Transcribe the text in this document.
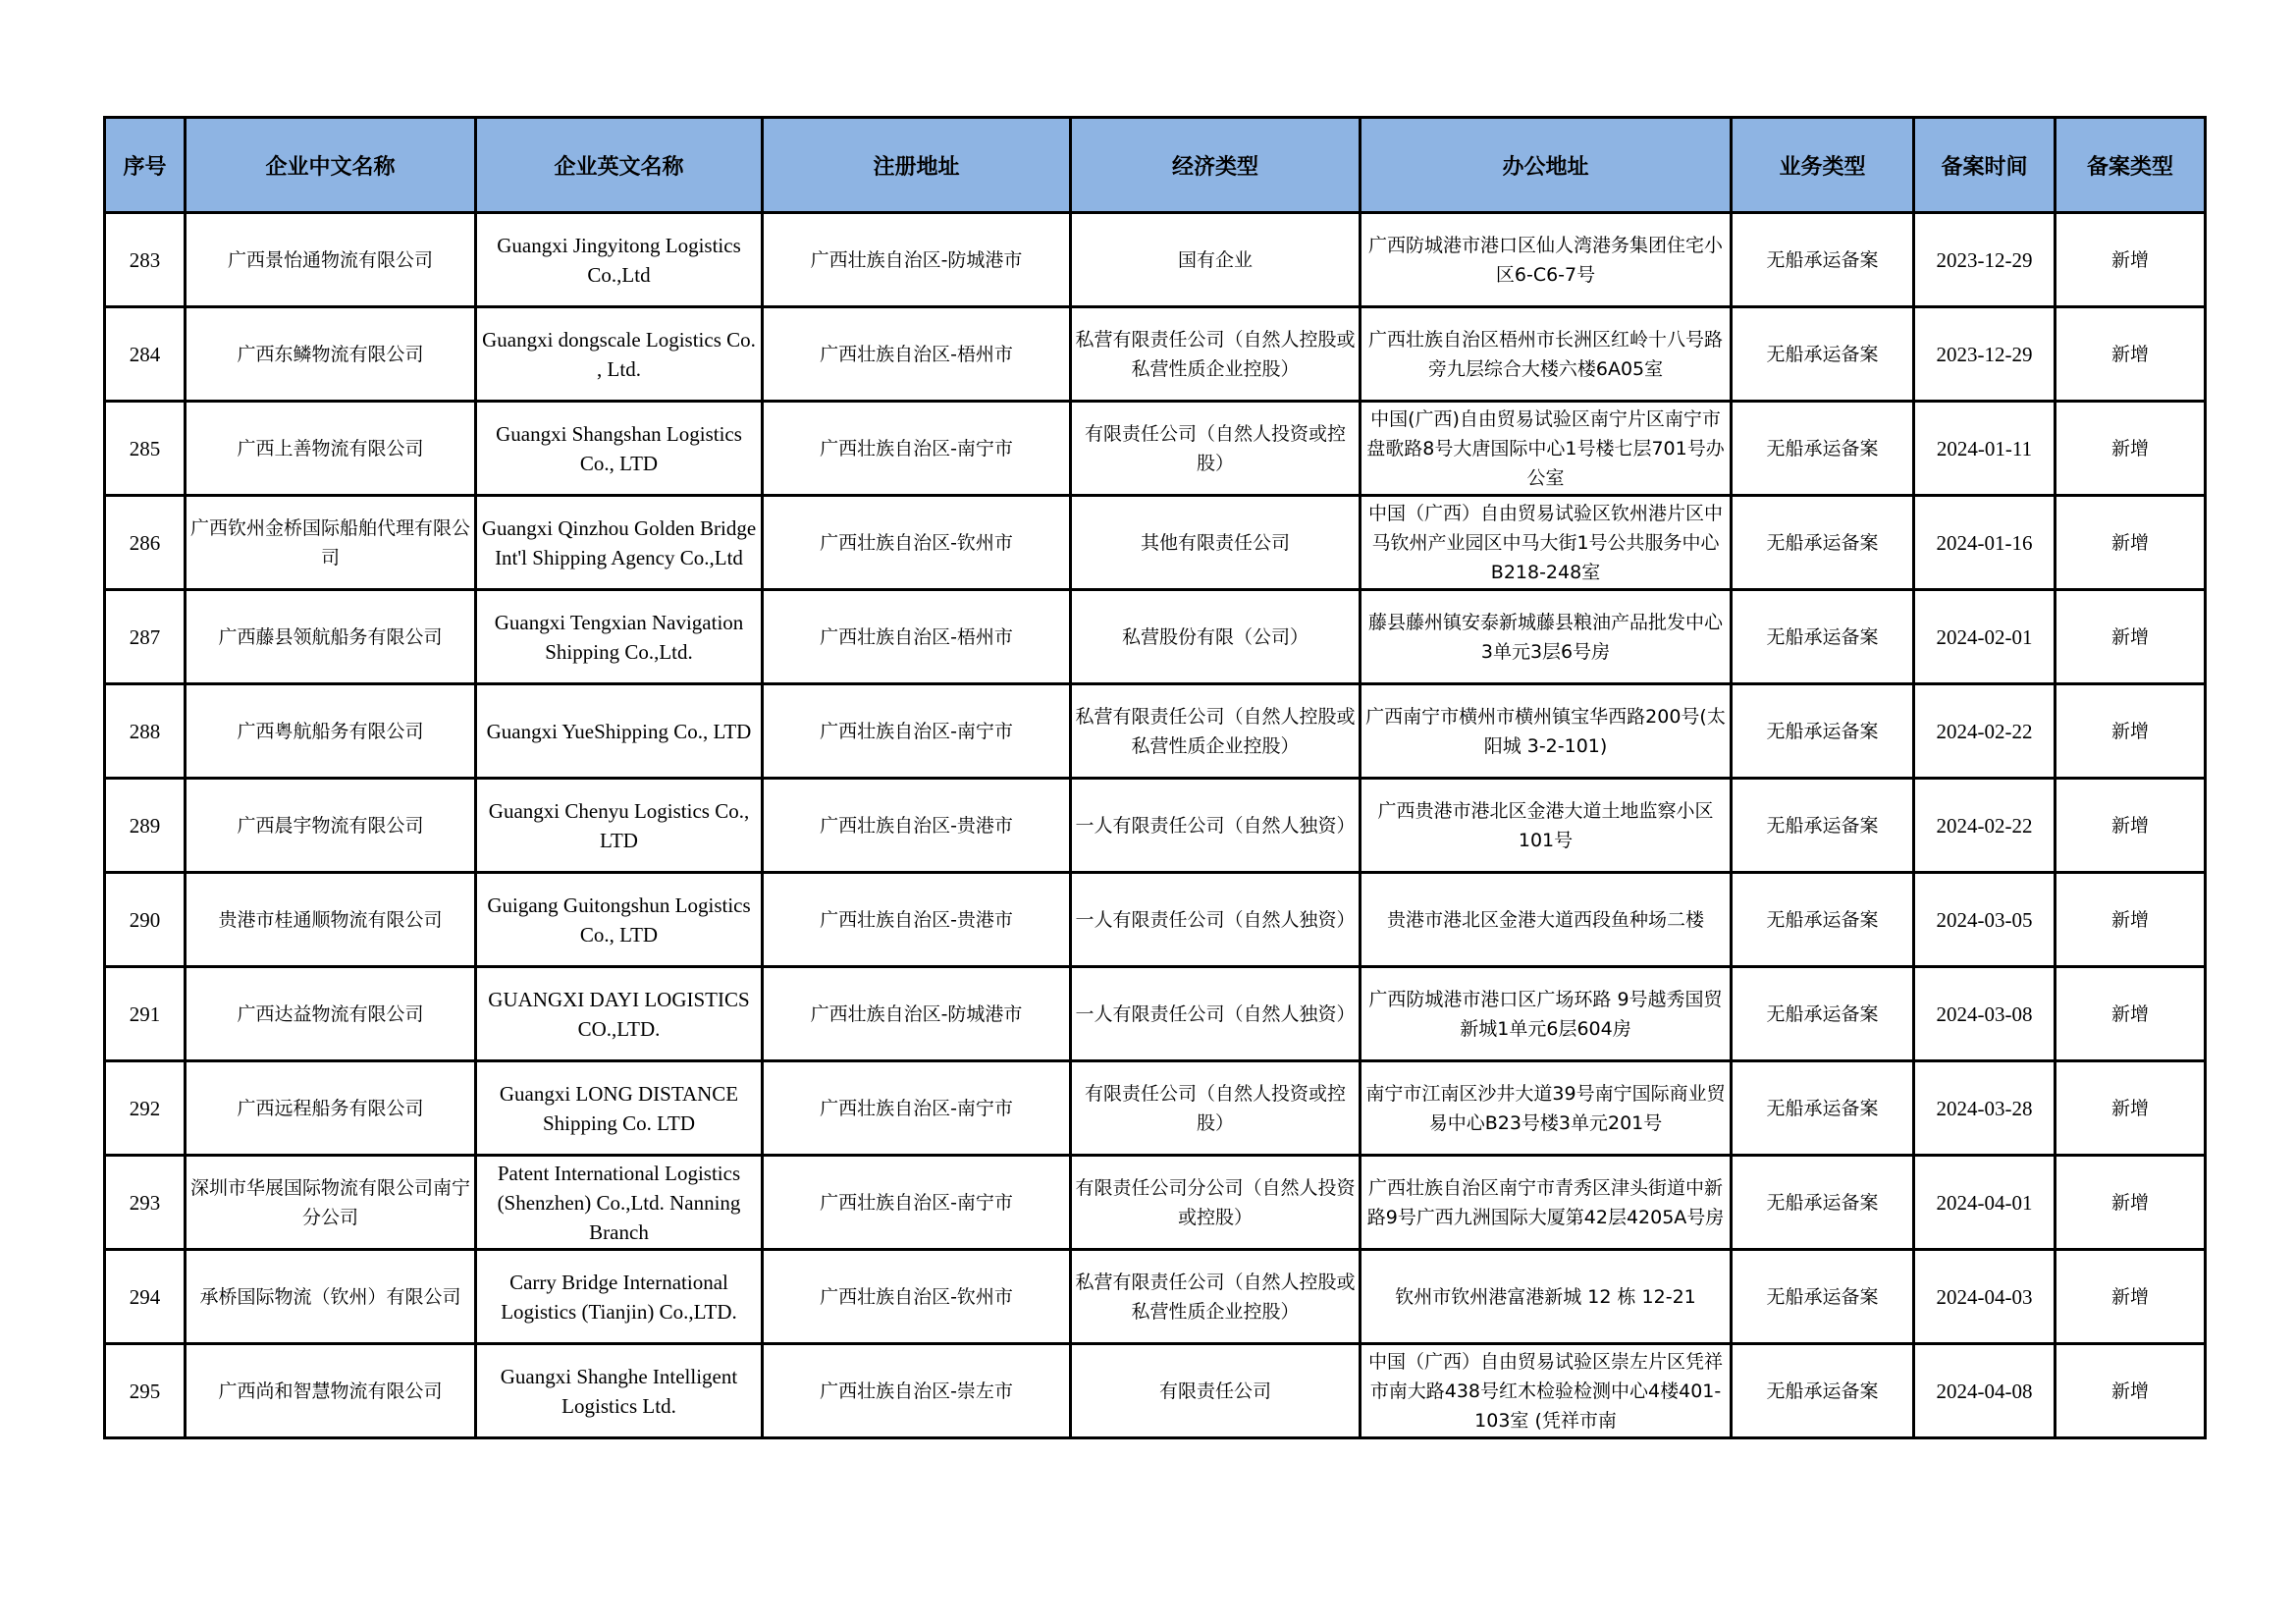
序号	企业中文名称	企业英文名称	注册地址	经济类型	办公地址	业务类型	备案时间	备案类型

283	广西景怡通物流有限公司	Guangxi Jingyitong Logistics Co.,Ltd	广西壮族自治区-防城港市	国有企业	广西防城港市港口区仙人湾港务集团住宅小区6-C6-7号	无船承运备案	2023-12-29	新增

284	广西东鳞物流有限公司	Guangxi dongscale Logistics Co. , Ltd.	广西壮族自治区-梧州市	私营有限责任公司（自然人控股或私营性质企业控股）	广西壮族自治区梧州市长洲区红岭十八号路旁九层综合大楼六楼6A05室	无船承运备案	2023-12-29	新增

285	广西上善物流有限公司	Guangxi Shangshan Logistics Co., LTD	广西壮族自治区-南宁市	有限责任公司（自然人投资或控股）	中国(广西)自由贸易试验区南宁片区南宁市盘歌路8号大唐国际中心1号楼七层701号办公室	无船承运备案	2024-01-11	新增

286	广西钦州金桥国际船舶代理有限公司	Guangxi Qinzhou Golden Bridge Int'l Shipping Agency Co.,Ltd	广西壮族自治区-钦州市	其他有限责任公司	中国（广西）自由贸易试验区钦州港片区中马钦州产业园区中马大街1号公共服务中心B218-248室	无船承运备案	2024-01-16	新增

287	广西藤县领航船务有限公司	Guangxi Tengxian Navigation Shipping Co.,Ltd.	广西壮族自治区-梧州市	私营股份有限（公司）	藤县藤州镇安泰新城藤县粮油产品批发中心3单元3层6号房	无船承运备案	2024-02-01	新增

288	广西粤航船务有限公司	Guangxi YueShipping Co., LTD	广西壮族自治区-南宁市	私营有限责任公司（自然人控股或私营性质企业控股）	广西南宁市横州市横州镇宝华西路200号(太阳城 3-2-101)	无船承运备案	2024-02-22	新增

289	广西晨宇物流有限公司	Guangxi Chenyu Logistics Co., LTD	广西壮族自治区-贵港市	一人有限责任公司（自然人独资）	广西贵港市港北区金港大道土地监察小区101号	无船承运备案	2024-02-22	新增

290	贵港市桂通顺物流有限公司	Guigang Guitongshun Logistics Co., LTD	广西壮族自治区-贵港市	一人有限责任公司（自然人独资）	贵港市港北区金港大道西段鱼种场二楼	无船承运备案	2024-03-05	新增

291	广西达益物流有限公司	GUANGXI DAYI LOGISTICS CO.,LTD.	广西壮族自治区-防城港市	一人有限责任公司（自然人独资）	广西防城港市港口区广场环路 9号越秀国贸新城1单元6层604房	无船承运备案	2024-03-08	新增

292	广西远程船务有限公司	Guangxi LONG DISTANCE Shipping Co. LTD	广西壮族自治区-南宁市	有限责任公司（自然人投资或控股）	南宁市江南区沙井大道39号南宁国际商业贸易中心B23号楼3单元201号	无船承运备案	2024-03-28	新增

293	深圳市华展国际物流有限公司南宁分公司	Patent International Logistics (Shenzhen) Co.,Ltd. Nanning Branch	广西壮族自治区-南宁市	有限责任公司分公司（自然人投资或控股）	广西壮族自治区南宁市青秀区津头街道中新路9号广西九洲国际大厦第42层4205A号房	无船承运备案	2024-04-01	新增

294	承桥国际物流（钦州）有限公司	Carry Bridge International Logistics (Tianjin) Co.,LTD.	广西壮族自治区-钦州市	私营有限责任公司（自然人控股或私营性质企业控股）	钦州市钦州港富港新城 12 栋 12-21	无船承运备案	2024-04-03	新增

295	广西尚和智慧物流有限公司	Guangxi Shanghe Intelligent Logistics Ltd.	广西壮族自治区-崇左市	有限责任公司	中国（广西）自由贸易试验区崇左片区凭祥市南大路438号红木检验检测中心4楼401-103室 (凭祥市南	无船承运备案	2024-04-08	新增
